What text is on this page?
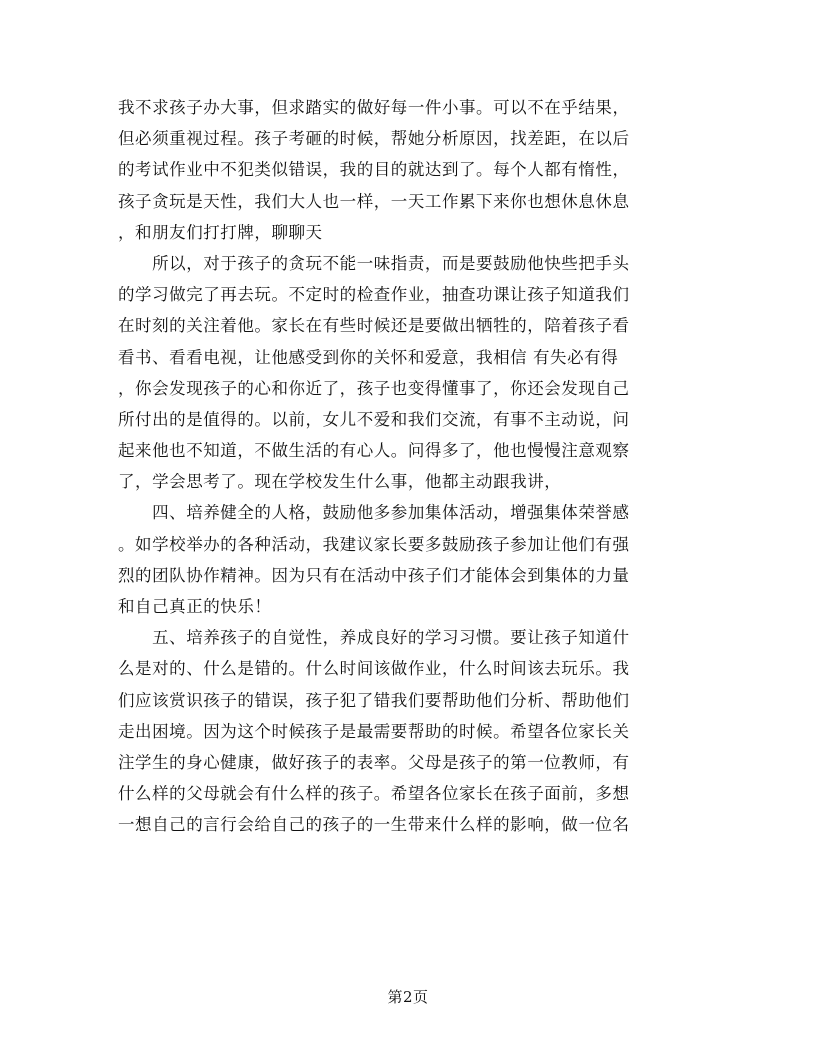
我不求孩子办大事，但求踏实的做好每一件小事。可以不在乎结果，
但必须重视过程。孩子考砸的时候，帮她分析原因，找差距，在以后
的考试作业中不犯类似错误，我的目的就达到了。每个人都有惰性，
孩子贪玩是天性，我们大人也一样，一天工作累下来你也想休息休息
，和朋友们打打牌，聊聊天
　　所以，对于孩子的贪玩不能一味指责，而是要鼓励他快些把手头
的学习做完了再去玩。不定时的检查作业，抽查功课让孩子知道我们
在时刻的关注着他。家长在有些时候还是要做出牺牲的，陪着孩子看
看书、看看电视，让他感受到你的关怀和爱意，我相信 有失必有得
，你会发现孩子的心和你近了，孩子也变得懂事了，你还会发现自己
所付出的是值得的。以前，女儿不爱和我们交流，有事不主动说，问
起来他也不知道，不做生活的有心人。问得多了，他也慢慢注意观察
了，学会思考了。现在学校发生什么事，他都主动跟我讲，
　　四、培养健全的人格，鼓励他多参加集体活动，增强集体荣誉感
。如学校举办的各种活动，我建议家长要多鼓励孩子参加让他们有强
烈的团队协作精神。因为只有在活动中孩子们才能体会到集体的力量
和自己真正的快乐！
　　五、培养孩子的自觉性，养成良好的学习习惯。要让孩子知道什
么是对的、什么是错的。什么时间该做作业，什么时间该去玩乐。我
们应该赏识孩子的错误，孩子犯了错我们要帮助他们分析、帮助他们
走出困境。因为这个时候孩子是最需要帮助的时候。希望各位家长关
注学生的身心健康，做好孩子的表率。父母是孩子的第一位教师，有
什么样的父母就会有什么样的孩子。希望各位家长在孩子面前，多想
一想自己的言行会给自己的孩子的一生带来什么样的影响，做一位名
第2页
